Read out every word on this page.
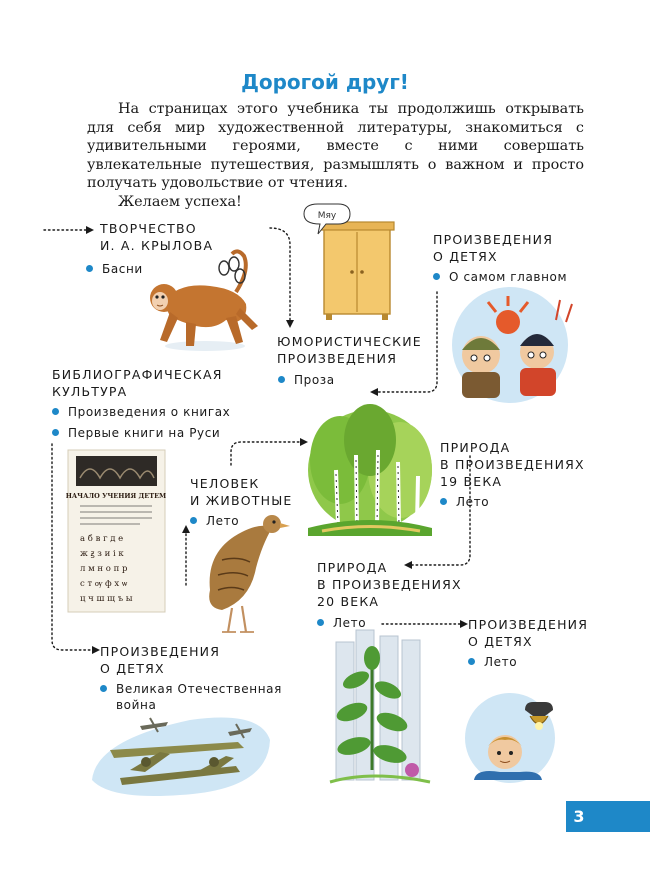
Дорогой друг!

На страницах этого учебника ты продолжишь открывать для себя мир художественной литературы, знакомиться с удивительными героями, вместе с ними совершать увлекательные путешествия, размышлять о важном и просто получать удовольствие от чтения.

Желаем успеха!

Мяу
НАЧАЛО УЧЕНИЯ ДЕТЕМ
а б в г д е
ж ꙃ з и і к
л м н о п р
с т ѹ ф х ѡ
ц ч ш щ ъ ы
ТВОРЧЕСТВО
И. А. КРЫЛОВА
Басни
ЮМОРИСТИЧЕСКИЕ
ПРОИЗВЕДЕНИЯ
Проза
ПРОИЗВЕДЕНИЯ
О ДЕТЯХ
О самом главном
БИБЛИОГРАФИЧЕСКАЯ
КУЛЬТУРА
Произведения о книгах
Первые книги на Руси
ПРИРОДА
В ПРОИЗВЕДЕНИЯХ
19 ВЕКА
Лето
ЧЕЛОВЕК
И ЖИВОТНЫЕ
Лето
ПРИРОДА
В ПРОИЗВЕДЕНИЯХ
20 ВЕКА
Лето	ПРОИЗВЕДЕНИЯ
О ДЕТЯХ
Лето
ПРОИЗВЕДЕНИЯ
О ДЕТЯХ
Великая Отечественная
война
3
